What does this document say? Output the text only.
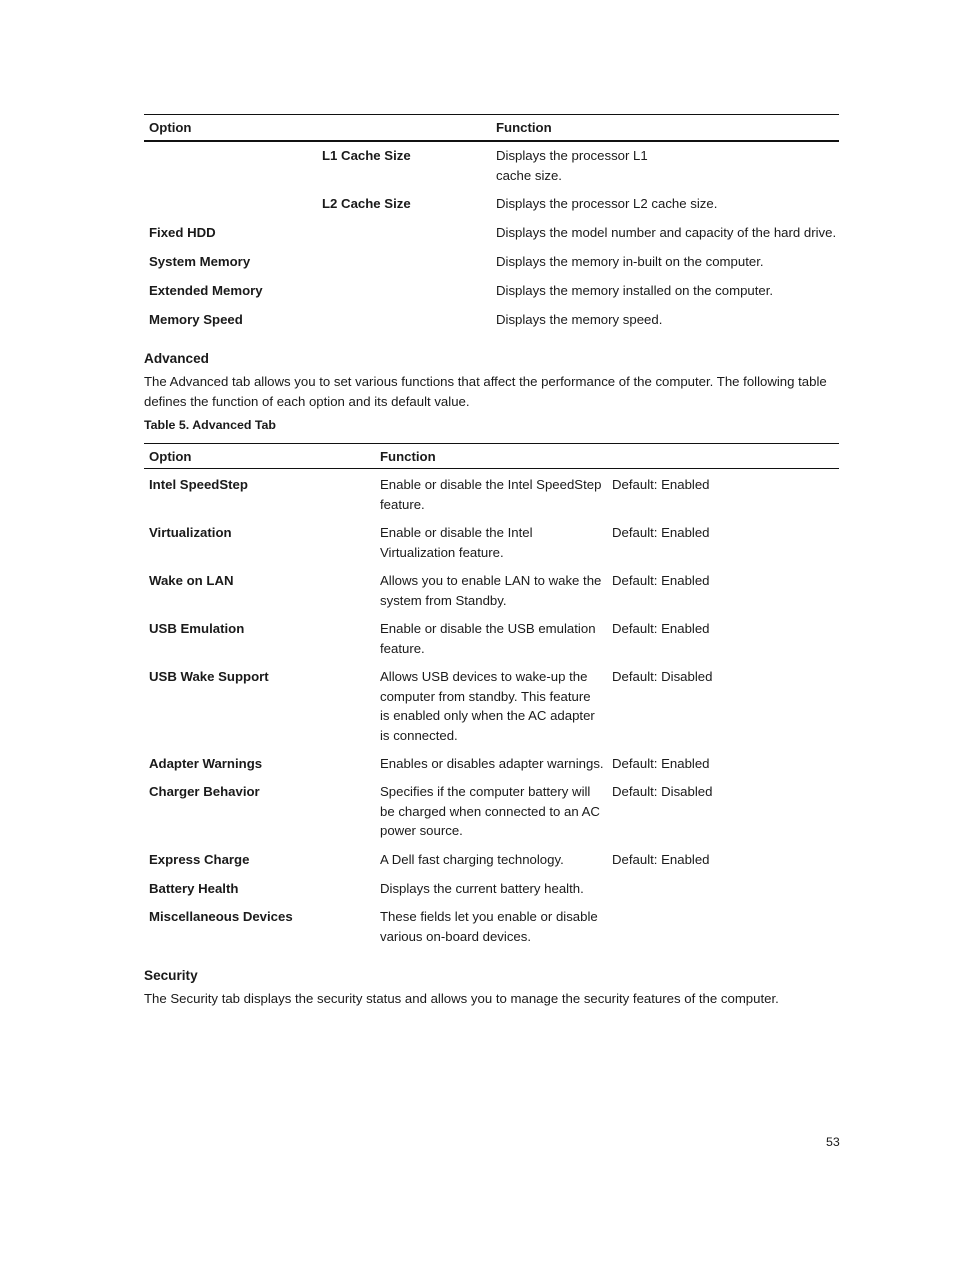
Option	Function
L1 Cache Size	Displays the processor L1
cache size.
L2 Cache Size	Displays the processor L2 cache size.
Fixed HDD	Displays the model number and capacity of the hard drive.
System Memory	Displays the memory in-built on the computer.
Extended Memory	Displays the memory installed on the computer.
Memory Speed	Displays the memory speed.
Advanced
The Advanced tab allows you to set various functions that affect the performance of the computer. The following table defines the function of each option and its default value.
Table 5. Advanced Tab
Option	Function
Intel SpeedStep	Enable or disable the Intel SpeedStep
feature.
Default: Enabled
Virtualization	Enable or disable the Intel
Virtualization feature.
Default: Enabled
Wake on LAN	Allows you to enable LAN to wake the
system from Standby.
Default: Enabled
USB Emulation	Enable or disable the USB emulation
feature.
Default: Enabled
USB Wake Support	Allows USB devices to wake-up the
computer from standby. This feature
is enabled only when the AC adapter
is connected.
Default: Disabled
Adapter Warnings	Enables or disables adapter warnings. Default: Enabled
Charger Behavior	Specifies if the computer battery will
be charged when connected to an AC
power source.
Default: Disabled
Express Charge	A Dell fast charging technology.	Default: Enabled
Battery Health	Displays the current battery health.
Miscellaneous Devices	These fields let you enable or disable
various on-board devices.
Security
The Security tab displays the security status and allows you to manage the security features of the computer.
53
